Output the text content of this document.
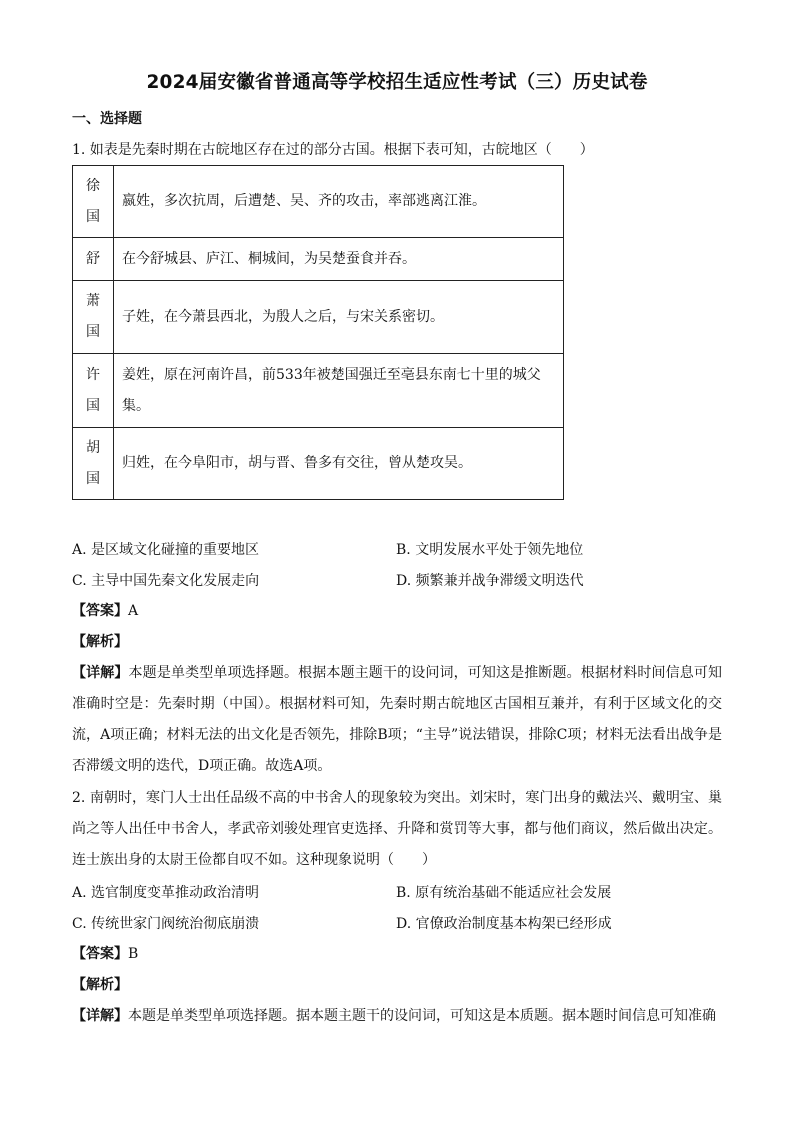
2024届安徽省普通高等学校招生适应性考试（三）历史试卷
一、选择题
1. 如表是先秦时期在古皖地区存在过的部分古国。根据下表可知，古皖地区（　　）
徐国	嬴姓，多次抗周，后遭楚、吴、齐的攻击，率部逃离江淮。
舒	在今舒城县、庐江、桐城间，为吴楚蚕食并吞。
萧国	子姓，在今萧县西北，为殷人之后，与宋关系密切。
许国	姜姓，原在河南许昌，前533年被楚国强迁至亳县东南七十里的城父集。
胡国	归姓，在今阜阳市，胡与晋、鲁多有交往，曾从楚攻吴。
A. 是区域文化碰撞的重要地区	B. 文明发展水平处于领先地位
C. 主导中国先秦文化发展走向	D. 频繁兼并战争滞缓文明迭代
【答案】A
【解析】
【详解】本题是单类型单项选择题。根据本题主题干的设问词，可知这是推断题。根据材料时间信息可知准确时空是：先秦时期（中国）。根据材料可知，先秦时期古皖地区古国相互兼并，有利于区域文化的交流，A项正确；材料无法的出文化是否领先，排除B项；“主导”说法错误，排除C项；材料无法看出战争是否滞缓文明的迭代，D项正确。故选A项。
2. 南朝时，寒门人士出任品级不高的中书舍人的现象较为突出。刘宋时，寒门出身的戴法兴、戴明宝、巢尚之等人出任中书舍人，孝武帝刘骏处理官吏选择、升降和赏罚等大事，都与他们商议，然后做出决定。连士族出身的太尉王俭都自叹不如。这种现象说明（　　）
A. 选官制度变革推动政治清明	B. 原有统治基础不能适应社会发展
C. 传统世家门阀统治彻底崩溃	D. 官僚政治制度基本构架已经形成
【答案】B
【解析】
【详解】本题是单类型单项选择题。据本题主题干的设问词，可知这是本质题。据本题时间信息可知准确
